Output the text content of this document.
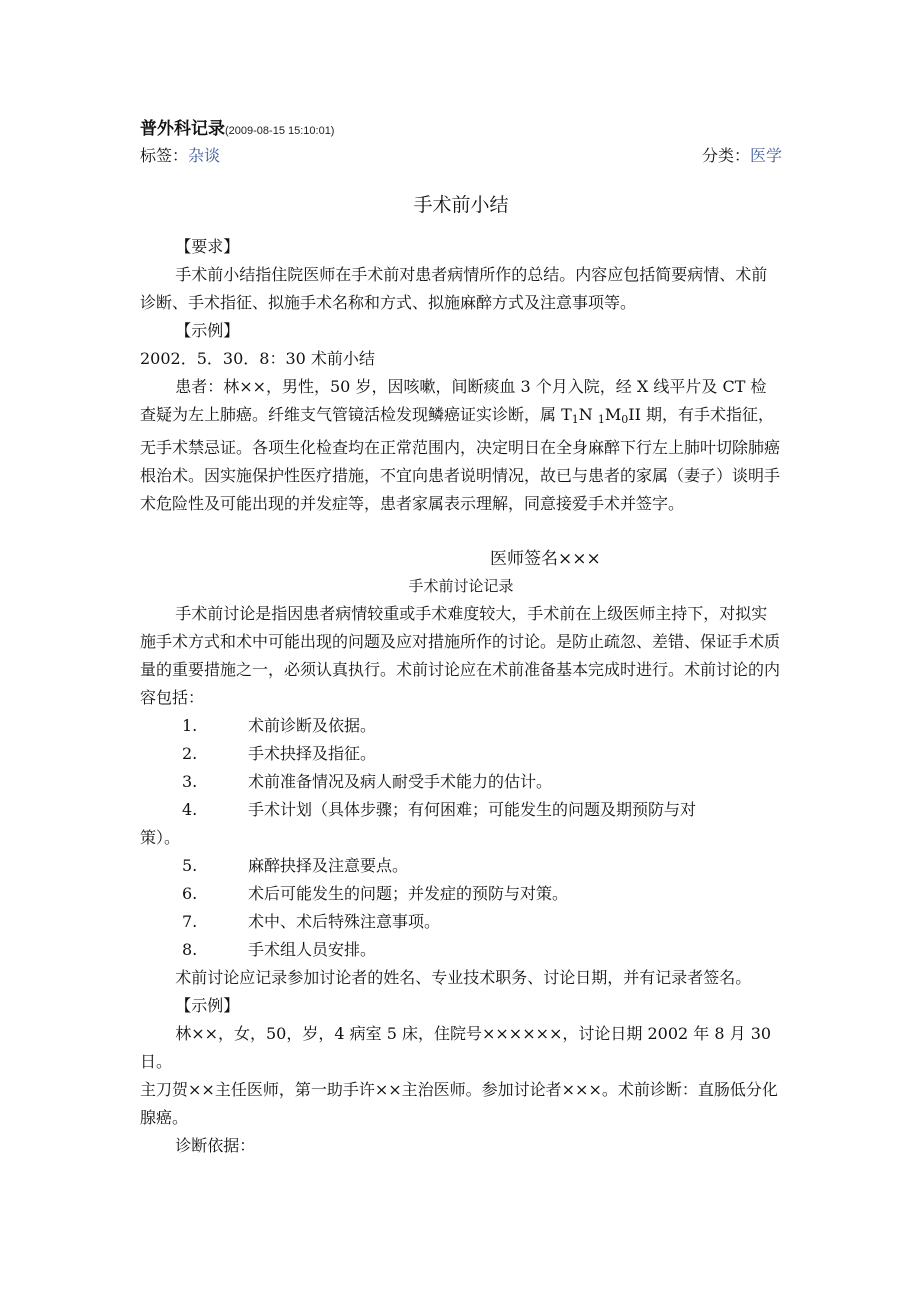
普外科记录(2009-08-15 15:10:01)
标签：杂谈	分类：医学
手术前小结

【要求】

手术前小结指住院医师在手术前对患者病情所作的总结。内容应包括简要病情、术前诊断、手术指征、拟施手术名称和方式、拟施麻醉方式及注意事项等。

【示例】

2002．5．30．8：30 术前小结

患者：林××，男性，50 岁，因咳嗽，间断痰血 3 个月入院，经 X 线平片及 CT 检查疑为左上肺癌。纤维支气管镜活检发现鳞癌证实诊断，属 $T_1N$ $_1M_0II$ 期，有手术指征，无手术禁忌证。各项生化检查均在正常范围内，决定明日在全身麻醉下行左上肺叶切除肺癌根治术。因实施保护性医疗措施，不宜向患者说明情况，故已与患者的家属（妻子）谈明手术危险性及可能出现的并发症等，患者家属表示理解，同意接爱手术并签字。

医师签名×××
手术前讨论记录

手术前讨论是指因患者病情较重或手术难度较大，手术前在上级医师主持下，对拟实施手术方式和术中可能出现的问题及应对措施所作的讨论。是防止疏忽、差错、保证手术质量的重要措施之一，必须认真执行。术前讨论应在术前准备基本完成时进行。术前讨论的内容包括：

1.	术前诊断及依据。

2.	手术抉择及指征。

3.	术前准备情况及病人耐受手术能力的估计。

4.	手术计划（具体步骤；有何困难；可能发生的问题及期预防与对

策）。

5.	麻醉抉择及注意要点。

6.	术后可能发生的问题；并发症的预防与对策。

7.	术中、术后特殊注意事项。

8.	手术组人员安排。

术前讨论应记录参加讨论者的姓名、专业技术职务、讨论日期，并有记录者签名。

【示例】

林××，女，50，岁，4 病室 5 床，住院号××××××，讨论日期 2002 年 8 月 30 日。

主刀贺××主任医师，第一助手许××主治医师。参加讨论者×××。术前诊断：直肠低分化腺癌。

诊断依据：
